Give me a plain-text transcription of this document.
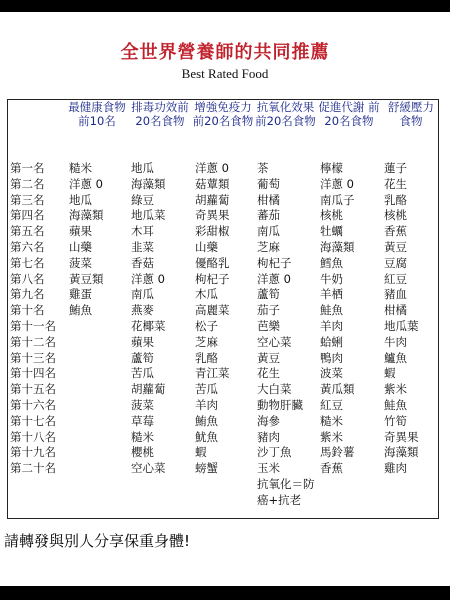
全世界營養師的共同推薦
Best Rated Food
第一名
第二名
第三名
第四名
第五名
第六名
第七名
第八名
第九名
第十名
第十一名
第十二名
第十三名
第十四名
第十五名
第十六名
第十七名
第十八名
第十九名
第二十名
最健康食物 前10名
糙米
洋蔥 0
地瓜
海藻類
蘋果
山藥
菠菜
黃豆類
雞蛋
鮪魚
排毒功效前20名食物
地瓜
海藻類
綠豆
地瓜菜
木耳
韭菜
香菇
洋蔥 0
南瓜
燕麥
花椰菜
蘋果
蘆筍
苦瓜
胡蘿蔔
菠菜
草莓
糙米
櫻桃
空心菜
增強免疫力 前20名食物
洋蔥 0
菇蕈類
胡蘿蔔
奇異果
彩甜椒
山藥
優酪乳
枸杞子
木瓜
高麗菜
松子
芝麻
乳酪
青江菜
苦瓜
羊肉
鮪魚
魷魚
蝦
螃蟹
抗氧化效果 前20名食物
茶
葡萄
柑橘
蕃茄
南瓜
芝麻
枸杞子
洋蔥 0
蘆筍
茄子
芭樂
空心菜
黃豆
花生
大白菜
動物肝臟
海參
豬肉
沙丁魚
玉米
抗氧化＝防癌+抗老
促進代謝 前20名食物
檸檬
洋蔥 0
南瓜子
核桃
牡蠣
海藻類
鱈魚
牛奶
羊栖
鮭魚
羊肉
蛤蜊
鴨肉
波菜
黃瓜類
紅豆
糙米
紫米
馬鈴薯
香蕉
舒緩壓力 食物
蓮子
花生
乳酪
核桃
香蕉
黃豆
豆腐
紅豆
豬血
柑橘
地瓜葉
牛肉
鱸魚
蝦
紫米
鮭魚
竹筍
奇異果
海藻類
雞肉
請轉發與別人分享保重身體!
